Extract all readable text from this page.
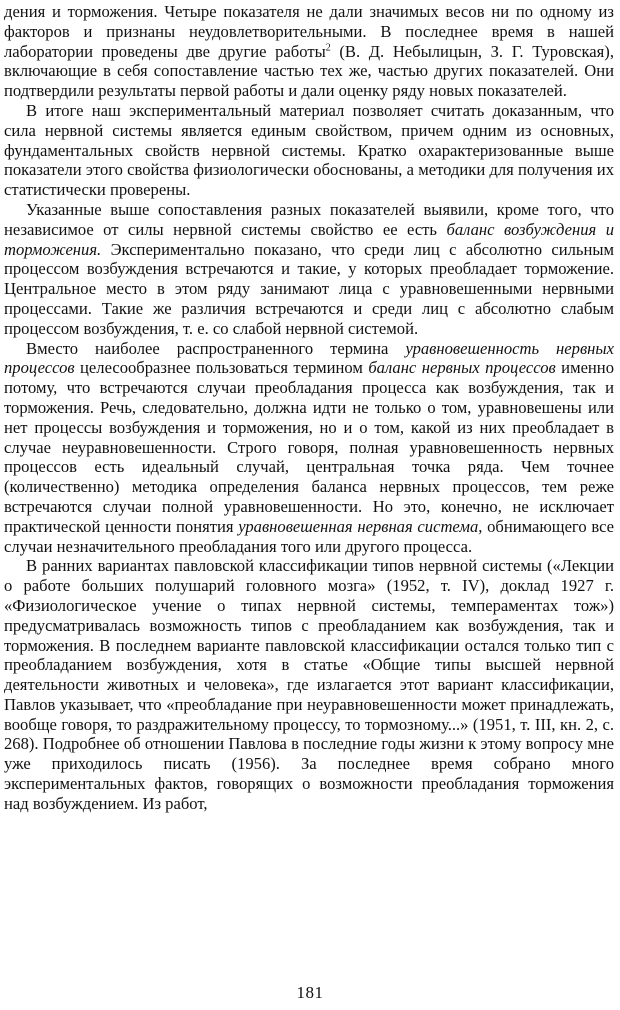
дения и торможения. Четыре показателя не дали значимых весов ни по одному из факторов и признаны неудовлетворительными. В последнее время в нашей лаборатории проведены две другие работы$^2$ (В. Д. Небылицын, З. Г. Туровская), включающие в себя сопоставление частью тех же, частью других показателей. Они подтвердили результаты первой работы и дали оценку ряду новых показателей.

В итоге наш экспериментальный материал позволяет считать доказанным, что сила нервной системы является единым свойством, причем одним из основных, фундаментальных свойств нервной системы. Кратко охарактеризованные выше показатели этого свойства физиологически обоснованы, а методики для получения их статистически проверены.

Указанные выше сопоставления разных показателей выявили, кроме того, что независимое от силы нервной системы свойство ее есть баланс возбуждения и торможения. Экспериментально показано, что среди лиц с абсолютно сильным процессом возбуждения встречаются и такие, у которых преобладает торможение. Центральное место в этом ряду занимают лица с уравновешенными нервными процессами. Такие же различия встречаются и среди лиц с абсолютно слабым процессом возбуждения, т. е. со слабой нервной системой.

Вместо наиболее распространенного термина уравновешенность нервных процессов целесообразнее пользоваться термином баланс нервных процессов именно потому, что встречаются случаи преобладания процесса как возбуждения, так и торможения. Речь, следовательно, должна идти не только о том, уравновешены или нет процессы возбуждения и торможения, но и о том, какой из них преобладает в случае неуравновешенности. Строго говоря, полная уравновешенность нервных процессов есть идеальный случай, центральная точка ряда. Чем точнее (количественно) методика определения баланса нервных процессов, тем реже встречаются случаи полной уравновешенности. Но это, конечно, не исключает практической ценности понятия уравновешенная нервная система, обнимающего все случаи незначительного преобладания того или другого процесса.

В ранних вариантах павловской классификации типов нервной системы («Лекции о работе больших полушарий головного мозга» (1952, т. IV), доклад 1927 г. «Физиологическое учение о типах нервной системы, темпераментах тож») предусматривалась возможность типов с преобладанием как возбуждения, так и торможения. В последнем варианте павловской классификации остался только тип с преобладанием возбуждения, хотя в статье «Общие типы высшей нервной деятельности животных и человека», где излагается этот вариант классификации, Павлов указывает, что «преобладание при неуравновешенности может принадлежать, вообще говоря, то раздражительному процессу, то тормозному...» (1951, т. III, кн. 2, с. 268). Подробнее об отношении Павлова в последние годы жизни к этому вопросу мне уже приходилось писать (1956). За последнее время собрано много экспериментальных фактов, говорящих о возможности преобладания торможения над возбуждением. Из работ,

181
